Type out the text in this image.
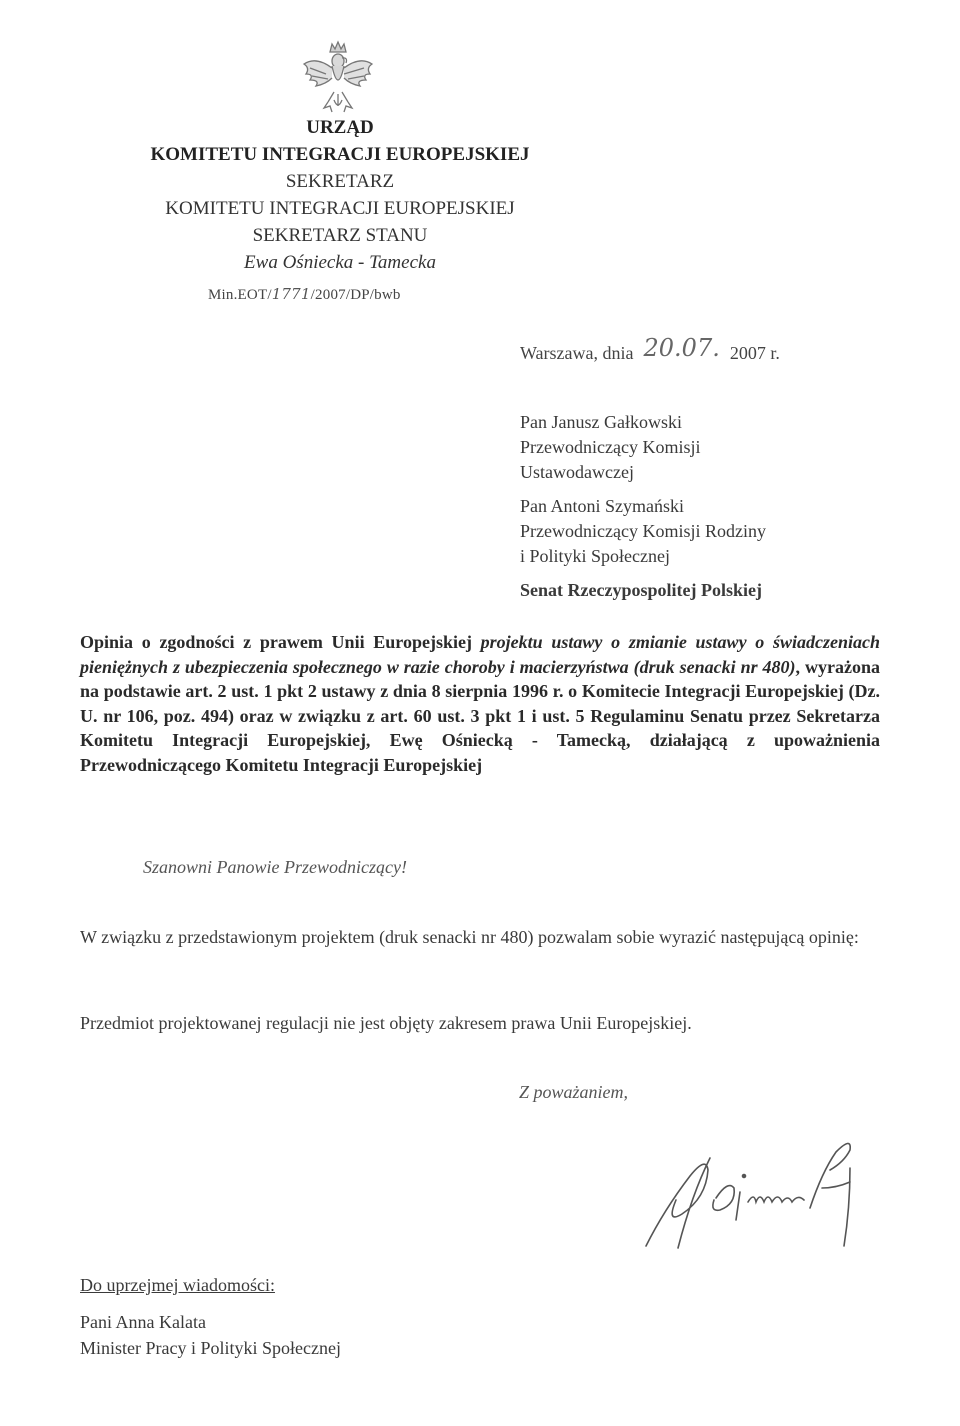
URZĄD
KOMITETU INTEGRACJI EUROPEJSKIEJ
SEKRETARZ
KOMITETU INTEGRACJI EUROPEJSKIEJ
SEKRETARZ STANU
Ewa Ośniecka - Tamecka
Min.EOT/1771/2007/DP/bwb
Warszawa, dnia 20.07. 2007 r.
Pan Janusz Gałkowski
Przewodniczący Komisji
Ustawodawczej
Pan Antoni Szymański
Przewodniczący Komisji Rodziny
i Polityki Społecznej
Senat Rzeczypospolitej Polskiej
Opinia o zgodności z prawem Unii Europejskiej projektu ustawy o zmianie ustawy o świadczeniach pieniężnych z ubezpieczenia społecznego w razie choroby i macierzyństwa (druk senacki nr 480), wyrażona na podstawie art. 2 ust. 1 pkt 2 ustawy z dnia 8 sierpnia 1996 r. o Komitecie Integracji Europejskiej (Dz. U. nr 106, poz. 494) oraz w związku z art. 60 ust. 3 pkt 1 i ust. 5 Regulaminu Senatu przez Sekretarza Komitetu Integracji Europejskiej, Ewę Ośniecką - Tamecką, działającą z upoważnienia Przewodniczącego Komitetu Integracji Europejskiej
Szanowni Panowie Przewodniczący!
W związku z przedstawionym projektem (druk senacki nr 480) pozwalam sobie wyrazić następującą opinię:
Przedmiot projektowanej regulacji nie jest objęty zakresem prawa Unii Europejskiej.
Z poważaniem,
Do uprzejmej wiadomości:
Pani Anna Kalata
Minister Pracy i Polityki Społecznej
